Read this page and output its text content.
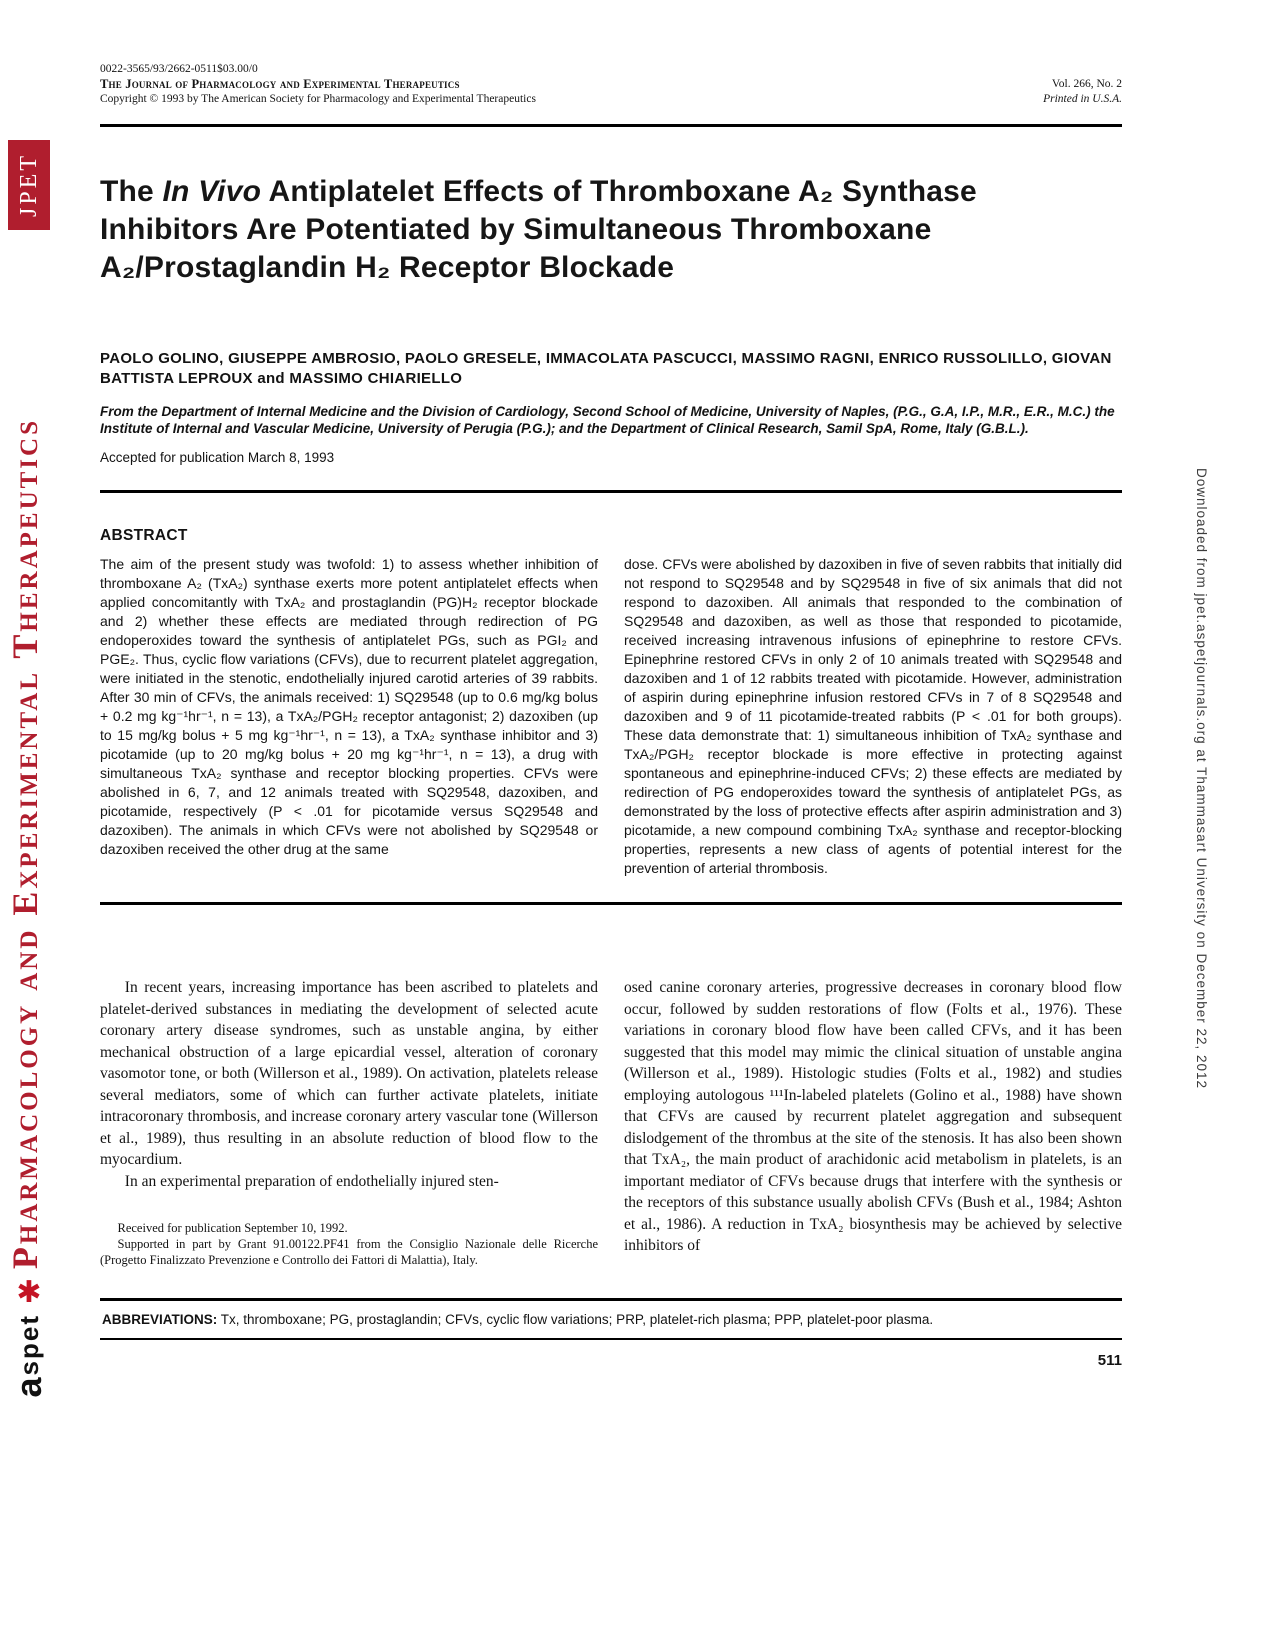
JPET
Pharmacology and Experimental Therapeutics
✱
aspet
Downloaded from jpet.aspetjournals.org at Thammasart University on December 22, 2012
0022-3565/93/2662-0511$03.00/0
The Journal of Pharmacology and Experimental Therapeutics
Copyright © 1993 by The American Society for Pharmacology and Experimental Therapeutics
Vol. 266, No. 2
Printed in U.S.A.
The In Vivo Antiplatelet Effects of Thromboxane A₂ Synthase
Inhibitors Are Potentiated by Simultaneous Thromboxane
A₂/Prostaglandin H₂ Receptor Blockade
PAOLO GOLINO, GIUSEPPE AMBROSIO, PAOLO GRESELE, IMMACOLATA PASCUCCI, MASSIMO RAGNI, ENRICO RUSSOLILLO, GIOVAN BATTISTA LEPROUX and MASSIMO CHIARIELLO
From the Department of Internal Medicine and the Division of Cardiology, Second School of Medicine, University of Naples, (P.G., G.A, I.P., M.R., E.R., M.C.) the Institute of Internal and Vascular Medicine, University of Perugia (P.G.); and the Department of Clinical Research, Samil SpA, Rome, Italy (G.B.L.).
Accepted for publication March 8, 1993
ABSTRACT

The aim of the present study was twofold: 1) to assess whether inhibition of thromboxane A₂ (TxA₂) synthase exerts more potent antiplatelet effects when applied concomitantly with TxA₂ and prostaglandin (PG)H₂ receptor blockade and 2) whether these effects are mediated through redirection of PG endoperoxides toward the synthesis of antiplatelet PGs, such as PGI₂ and PGE₂. Thus, cyclic flow variations (CFVs), due to recurrent platelet aggregation, were initiated in the stenotic, endothelially injured carotid arteries of 39 rabbits. After 30 min of CFVs, the animals received: 1) SQ29548 (up to 0.6 mg/kg bolus + 0.2 mg kg⁻¹hr⁻¹, n = 13), a TxA₂/PGH₂ receptor antagonist; 2) dazoxiben (up to 15 mg/kg bolus + 5 mg kg⁻¹hr⁻¹, n = 13), a TxA₂ synthase inhibitor and 3) picotamide (up to 20 mg/kg bolus + 20 mg kg⁻¹hr⁻¹, n = 13), a drug with simultaneous TxA₂ synthase and receptor blocking properties. CFVs were abolished in 6, 7, and 12 animals treated with SQ29548, dazoxiben, and picotamide, respectively (P < .01 for picotamide versus SQ29548 and dazoxiben). The animals in which CFVs were not abolished by SQ29548 or dazoxiben received the other drug at the same

dose. CFVs were abolished by dazoxiben in five of seven rabbits that initially did not respond to SQ29548 and by SQ29548 in five of six animals that did not respond to dazoxiben. All animals that responded to the combination of SQ29548 and dazoxiben, as well as those that responded to picotamide, received increasing intravenous infusions of epinephrine to restore CFVs. Epinephrine restored CFVs in only 2 of 10 animals treated with SQ29548 and dazoxiben and 1 of 12 rabbits treated with picotamide. However, administration of aspirin during epinephrine infusion restored CFVs in 7 of 8 SQ29548 and dazoxiben and 9 of 11 picotamide-treated rabbits (P < .01 for both groups). These data demonstrate that: 1) simultaneous inhibition of TxA₂ synthase and TxA₂/PGH₂ receptor blockade is more effective in protecting against spontaneous and epinephrine-induced CFVs; 2) these effects are mediated by redirection of PG endoperoxides toward the synthesis of antiplatelet PGs, as demonstrated by the loss of protective effects after aspirin administration and 3) picotamide, a new compound combining TxA₂ synthase and receptor-blocking properties, represents a new class of agents of potential interest for the prevention of arterial thrombosis.

In recent years, increasing importance has been ascribed to platelets and platelet-derived substances in mediating the development of selected acute coronary artery disease syndromes, such as unstable angina, by either mechanical obstruction of a large epicardial vessel, alteration of coronary vasomotor tone, or both (Willerson et al., 1989). On activation, platelets release several mediators, some of which can further activate platelets, initiate intracoronary thrombosis, and increase coronary artery vascular tone (Willerson et al., 1989), thus resulting in an absolute reduction of blood flow to the myocardium.

In an experimental preparation of endothelially injured sten-

Received for publication September 10, 1992.

Supported in part by Grant 91.00122.PF41 from the Consiglio Nazionale delle Ricerche (Progetto Finalizzato Prevenzione e Controllo dei Fattori di Malattia), Italy.

osed canine coronary arteries, progressive decreases in coronary blood flow occur, followed by sudden restorations of flow (Folts et al., 1976). These variations in coronary blood flow have been called CFVs, and it has been suggested that this model may mimic the clinical situation of unstable angina (Willerson et al., 1989). Histologic studies (Folts et al., 1982) and studies employing autologous ¹¹¹In-labeled platelets (Golino et al., 1988) have shown that CFVs are caused by recurrent platelet aggregation and subsequent dislodgement of the thrombus at the site of the stenosis. It has also been shown that TxA₂, the main product of arachidonic acid metabolism in platelets, is an important mediator of CFVs because drugs that interfere with the synthesis or the receptors of this substance usually abolish CFVs (Bush et al., 1984; Ashton et al., 1986). A reduction in TxA₂ biosynthesis may be achieved by selective inhibitors of

ABBREVIATIONS: Tx, thromboxane; PG, prostaglandin; CFVs, cyclic flow variations; PRP, platelet-rich plasma; PPP, platelet-poor plasma.

511
